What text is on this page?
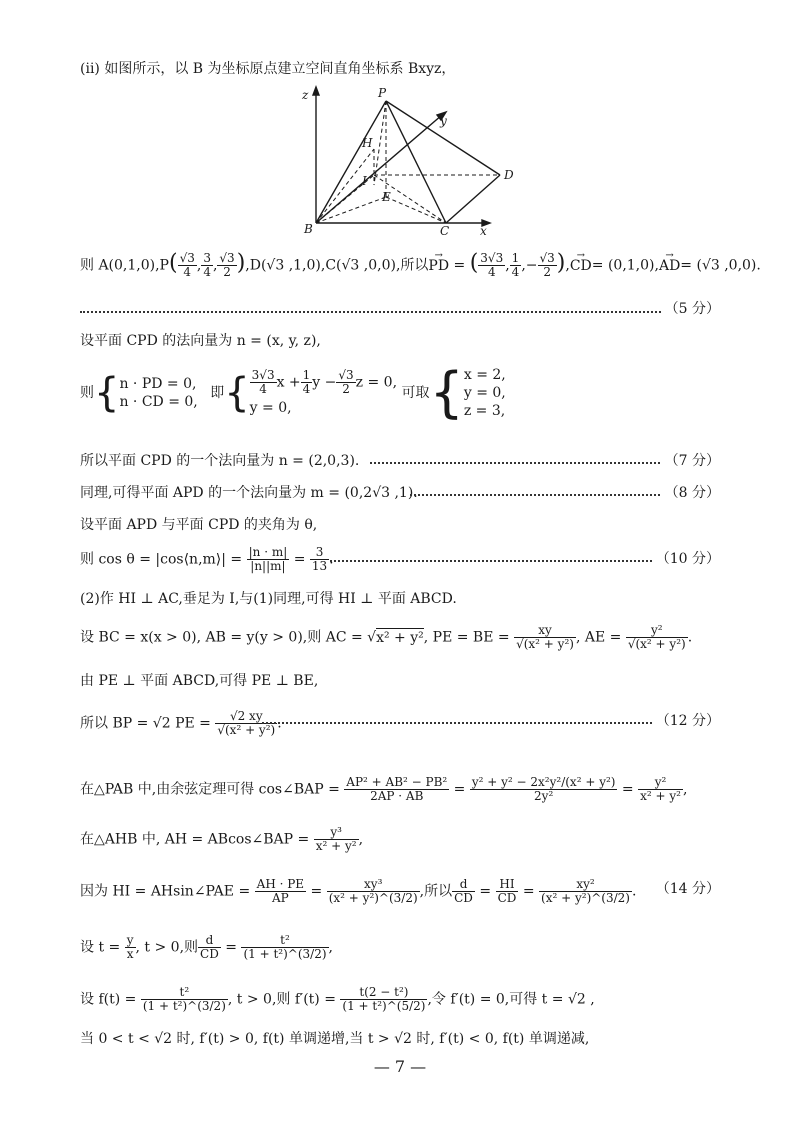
(ⅱ) 如图所示，以 B 为坐标原点建立空间直角坐标系 Bxyz，
P
H
I
E
D
B	C	x
y
z
则 $A(0,1,0),P( \frac{√3}{4}$ , $\frac{3}{4}$ , $\frac{√3}{2} ),D(√3$ ,1,0),C(√3 ,0,0),所以→ PD = ( $\frac{3√3}{4}$ , $\frac{1}{4}$ ,− $\frac{√3}{2}$ ),→ CD= (0,1,0),→ AD= (√3 ,0,0).
（5 分）
设平面 CPD 的法向量为 n = (x, y, z),
则{ n · PD = 0,
n · CD = 0,
即{ $\frac{3√3}{4}$ $x + \frac{1}{4}$ $y - \frac{√3}{2}$ z = 0,
y = 0,
可取{ x = 2,
y = 0,
z = 3,
所以平面 CPD 的一个法向量为 n = (2,0,3).	（7 分）
同理,可得平面 APD 的一个法向量为 m = (0,2√3 ,1).	（8 分）
设平面 APD 与平面 CPD 的夹角为 θ,
则 cos θ = |cos⟨n,m⟩| = $\frac{|n \cdot m|}{|n||m|} = \frac{3}{13}$ .	（10 分）
(2)作 HI ⊥ AC,垂足为 I,与(1)同理,可得 HI ⊥ 平面 ABCD.
设 BC = x(x > 0), AB = y(y > 0),则 AC = √x² + y², PE = BE = $\frac{xy}{\text{√(x² + y²)}}$ , AE = $\frac{\text{y²}}{\text{√(x² + y²)}}$ .
由 PE ⊥ 平面 ABCD,可得 PE ⊥ BE,
所以 BP = √2 PE = $\frac{√2 xy}{\text{√(x² + y²)}}$ .	（12 分）
在△PAB 中,由余弦定理可得 cos∠BAP = $\frac{\text{AP² + AB² − PB²}}{2AP \cdot AB} = \frac{\text{y² + y² − 2x²y²/(x² + y²)}}{\text{2y²}} = \frac{\text{y²}}{\text{x² + y²}}$ ,
在△AHB 中, AH = ABcos∠BAP = $\frac{\text{y³}}{\text{x² + y²}}$ ,
因为 HI = AHsin∠PAE = $\frac{AH \cdot PE}{AP} = \frac{\text{xy³}}{\text{(x² + y²)\textasciicircum{}(3/2)}}$ ,所以 $\frac{d}{CD} = \frac{HI}{CD} = \frac{\text{xy²}}{\text{(x² + y²)\textasciicircum{}(3/2)}}$ .	（14 分）
设 $t = \frac{y}{x}$ , t > 0,则 $\frac{d}{CD} = \frac{\text{t²}}{\text{(1 + t²)\textasciicircum{}(3/2)}}$ ,
设 $f(t) = \frac{\text{t²}}{\text{(1 + t²)\textasciicircum{}(3/2)}}$ , t > 0,则 $f'(t) = \frac{\text{t(2 − t²)}}{\text{(1 + t²)\textasciicircum{}(5/2)}}$ ,令 f′(t) = 0,可得 t = √2 ,
当 0 < t < √2 时, f′(t) > 0, f(t) 单调递增,当 t > √2 时, f′(t) < 0, f(t) 单调递减,
— 7 —
